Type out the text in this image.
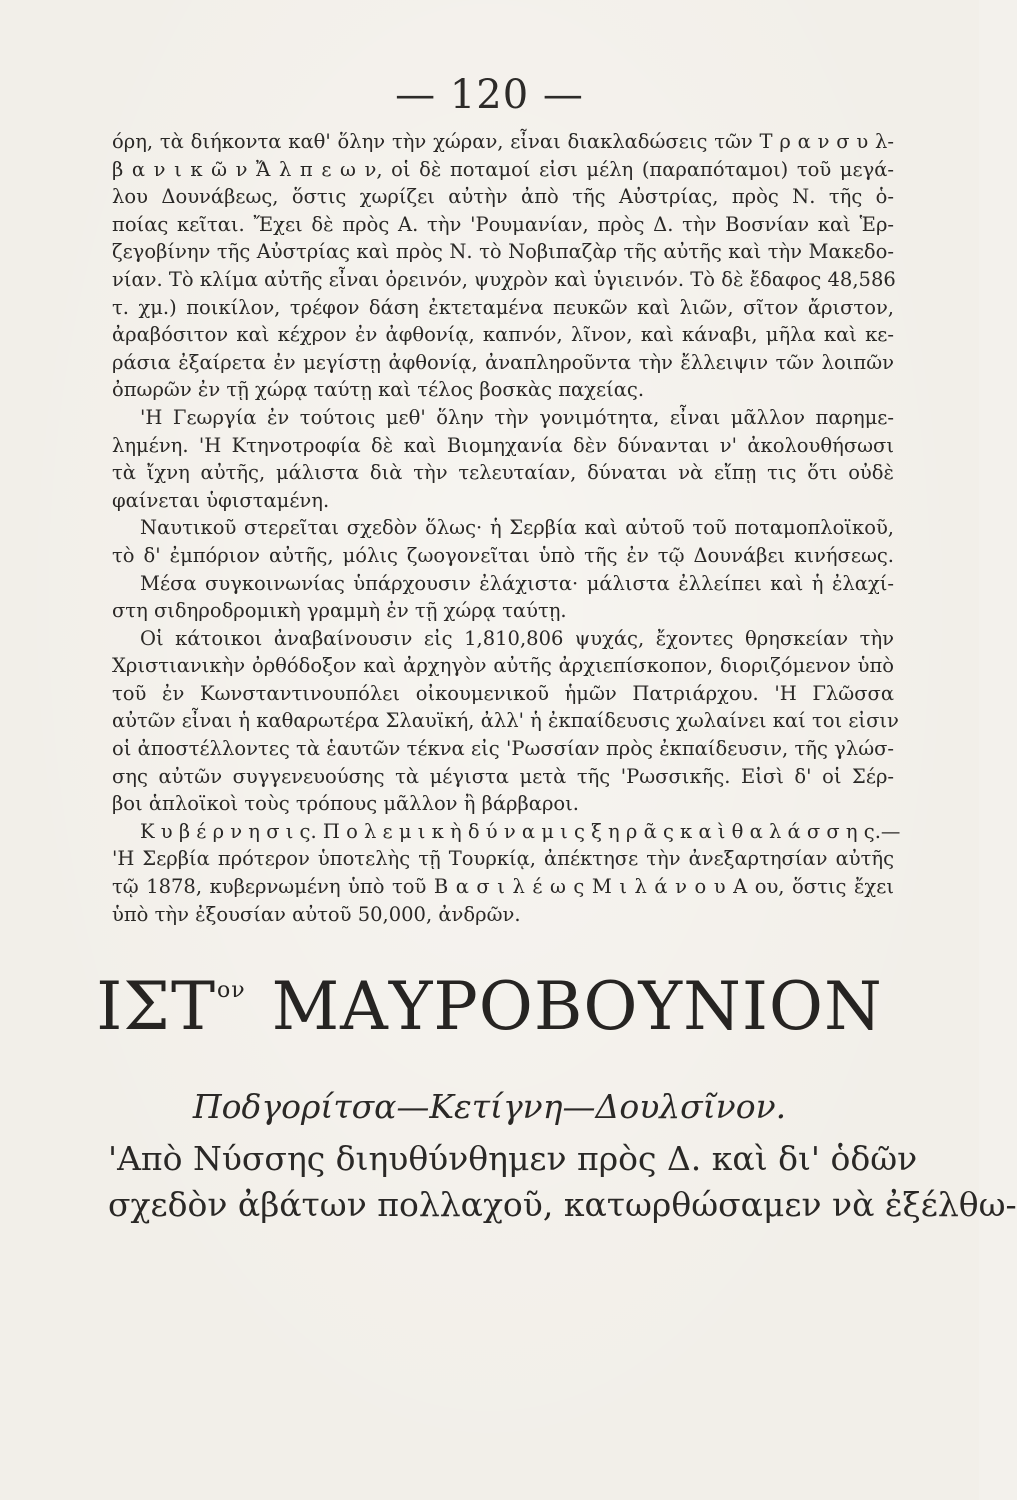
— 120 —
όρη, τὰ διήκοντα καθ' ὅλην τὴν χώραν, εἶναι διακλαδώσεις τῶν Τ ρ α ν σ υ λ-
β α ν ι κ ῶ ν Ἄ λ π ε ω ν, οἱ δὲ ποταμοί εἰσι μέλη (παραπόταμοι) τοῦ μεγά-
λου Δουνάβεως, ὅστις χωρίζει αὐτὴν ἀπὸ τῆς Αὐστρίας, πρὸς Ν. τῆς ὁ-
ποίας κεῖται. Ἔχει δὲ πρὸς Α. τὴν 'Ρουμανίαν, πρὸς Δ. τὴν Βοσνίαν καὶ Ἑρ-
ζεγοβίνην τῆς Αὐστρίας καὶ πρὸς Ν. τὸ Νοβιπαζὰρ τῆς αὐτῆς καὶ τὴν Μακεδο-
νίαν. Τὸ κλίμα αὐτῆς εἶναι ὀρεινόν, ψυχρὸν καὶ ὑγιεινόν. Τὸ δὲ ἔδαφος 48,586
τ. χμ.) ποικίλον, τρέφον δάση ἐκτεταμένα πευκῶν καὶ λιῶν, σῖτον ἄριστον,
ἀραβόσιτον καὶ κέχρον ἐν ἀφθονίᾳ, καπνόν, λῖνον, καὶ κάναβι, μῆλα καὶ κε-
ράσια ἐξαίρετα ἐν μεγίστῃ ἀφθονίᾳ, ἀναπληροῦντα τὴν ἔλλειψιν τῶν λοιπῶν
ὀπωρῶν ἐν τῇ χώρᾳ ταύτῃ καὶ τέλος βοσκὰς παχείας.
'Η Γεωργία ἐν τούτοις μεθ' ὅλην τὴν γονιμότητα, εἶναι μᾶλλον παρημε-
λημένη. 'Η Κτηνοτροφία δὲ καὶ Βιομηχανία δὲν δύνανται ν' ἀκολουθήσωσι
τὰ ἴχνη αὐτῆς, μάλιστα διὰ τὴν τελευταίαν, δύναται νὰ εἴπῃ τις ὅτι οὐδὲ
φαίνεται ὑφισταμένη.
Ναυτικοῦ στερεῖται σχεδὸν ὅλως· ἡ Σερβία καὶ αὐτοῦ τοῦ ποταμοπλοϊκοῦ,
τὸ δ' ἐμπόριον αὐτῆς, μόλις ζωογονεῖται ὑπὸ τῆς ἐν τῷ Δουνάβει κινήσεως.
Μέσα συγκοινωνίας ὑπάρχουσιν ἐλάχιστα· μάλιστα ἐλλείπει καὶ ἡ ἐλαχί-
στη σιδηροδρομικὴ γραμμὴ ἐν τῇ χώρᾳ ταύτῃ.
Οἱ κάτοικοι ἀναβαίνουσιν εἰς 1,810,806 ψυχάς, ἔχοντες θρησκείαν τὴν
Χριστιανικὴν ὀρθόδοξον καὶ ἀρχηγὸν αὐτῆς ἀρχιεπίσκοπον, διοριζόμενον ὑπὸ
τοῦ ἐν Κωνσταντινουπόλει οἰκουμενικοῦ ἡμῶν Πατριάρχου. 'Η Γλῶσσα
αὐτῶν εἶναι ἡ καθαρωτέρα Σλαυϊκή, ἀλλ' ἡ ἐκπαίδευσις χωλαίνει καί τοι εἰσιν
οἱ ἀποστέλλοντες τὰ ἑαυτῶν τέκνα εἰς 'Ρωσσίαν πρὸς ἐκπαίδευσιν, τῆς γλώσ-
σης αὐτῶν συγγενευούσης τὰ μέγιστα μετὰ τῆς 'Ρωσσικῆς. Εἰσὶ δ' οἱ Σέρ-
βοι ἁπλοϊκοὶ τοὺς τρόπους μᾶλλον ἢ βάρβαροι.
Κ υ β έ ρ ν η σ ι ς. Π ο λ ε μ ι κ ὴ δ ύ ν α μ ι ς ξ η ρ ᾶ ς κ α ὶ θ α λ ά σ σ η ς.—
'Η Σερβία πρότερον ὑποτελὴς τῇ Τουρκίᾳ, ἀπέκτησε τὴν ἀνεξαρτησίαν αὐτῆς
τῷ 1878, κυβερνωμένη ὑπὸ τοῦ Β α σ ι λ έ ω ς Μ ι λ ά ν ο υ Α ου, ὅστις ἔχει
ὑπὸ τὴν ἐξουσίαν αὐτοῦ 50,000, ἀνδρῶν.
$I\Sigma T^{o\nu}$ ΜΑΥΡΟΒΟΥΝΙΟΝ
Ποδγορίτσα—Κετίγνη—Δουλσῖνον.
'Απὸ Νύσσης διηυθύνθημεν πρὸς Δ. καὶ δι' ὁδῶν
σχεδὸν ἀβάτων πολλαχοῦ, κατωρθώσαμεν νὰ ἐξέλθω-
